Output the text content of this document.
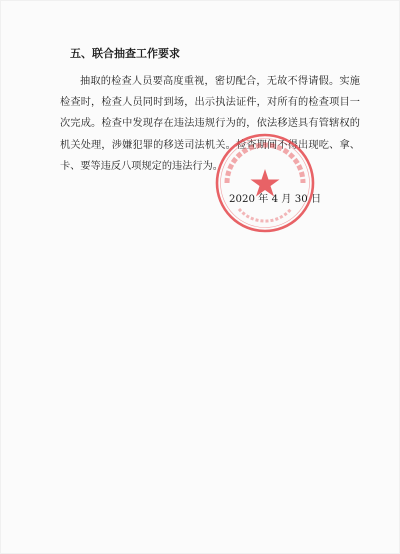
五、联合抽查工作要求

抽取的检查人员要高度重视，密切配合，无故不得请假。实施检查时，检查人员同时到场，出示执法证件，对所有的检查项目一次完成。检查中发现存在违法违规行为的，依法移送具有管辖权的机关处理，涉嫌犯罪的移送司法机关。检查期间不得出现吃、拿、卡、要等违反八项规定的违法行为。

2020 年 4 月 30 日
